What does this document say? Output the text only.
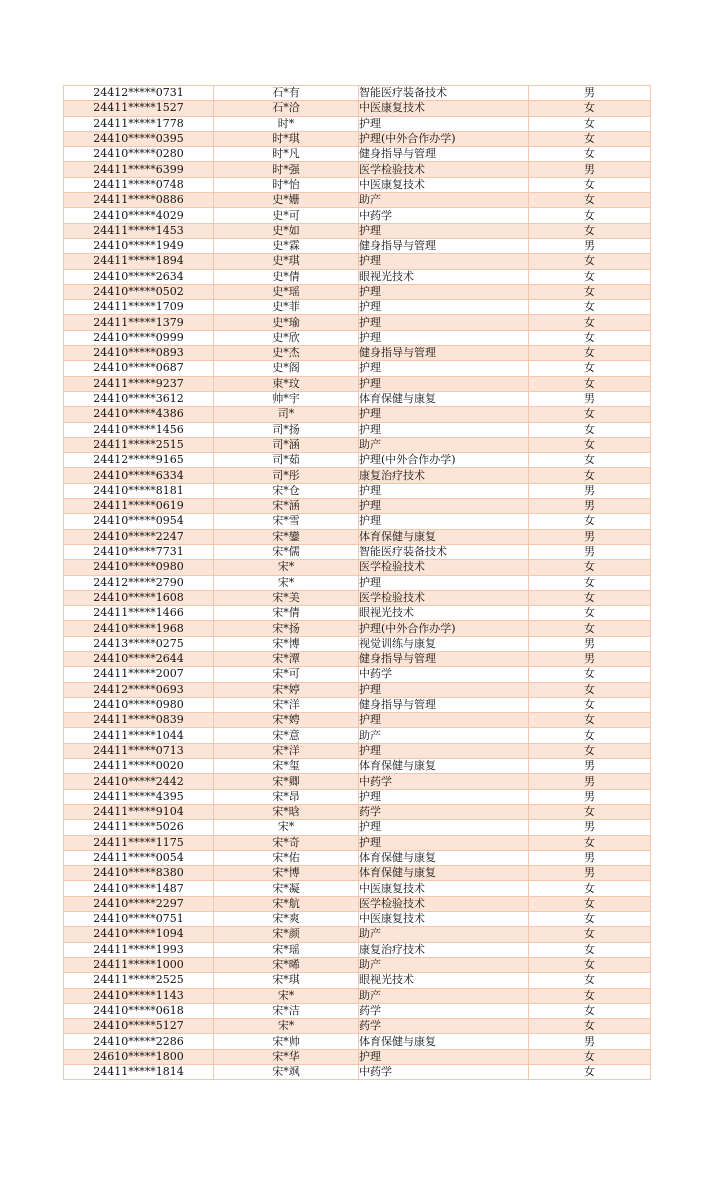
24412*****0731	石*有	智能医疗装备技术	男
24411*****1527	石*洽	中医康复技术	女
24411*****1778	时*	护理	女
24410*****0395	时*琪	护理(中外合作办学)	女
24410*****0280	时*凡	健身指导与管理	女
24411*****6399	时*强	医学检验技术	男
24411*****0748	时*怡	中医康复技术	女
24411*****0886	史*姗	助产	女
24410*****4029	史*可	中药学	女
24411*****1453	史*如	护理	女
24410*****1949	史*霖	健身指导与管理	男
24411*****1894	史*琪	护理	女
24410*****2634	史*倩	眼视光技术	女
24410*****0502	史*瑶	护理	女
24411*****1709	史*菲	护理	女
24411*****1379	史*瑜	护理	女
24410*****0999	史*欣	护理	女
24410*****0893	史*杰	健身指导与管理	女
24410*****0687	史*阁	护理	女
24411*****9237	束*玟	护理	女
24410*****3612	帅*宇	体育保健与康复	男
24410*****4386	司*	护理	女
24410*****1456	司*扬	护理	女
24411*****2515	司*涵	助产	女
24412*****9165	司*茹	护理(中外合作办学)	女
24410*****6334	司*彤	康复治疗技术	女
24410*****8181	宋*仓	护理	男
24411*****0619	宋*涵	护理	男
24410*****0954	宋*雪	护理	女
24410*****2247	宋*鑾	体育保健与康复	男
24410*****7731	宋*儒	智能医疗装备技术	男
24410*****0980	宋*	医学检验技术	女
24412*****2790	宋*	护理	女
24410*****1608	宋*美	医学检验技术	女
24411*****1466	宋*倩	眼视光技术	女
24410*****1968	宋*扬	护理(中外合作办学)	女
24413*****0275	宋*博	视觉训练与康复	男
24410*****2644	宋*潭	健身指导与管理	男
24411*****2007	宋*可	中药学	女
24412*****0693	宋*婷	护理	女
24410*****0980	宋*洋	健身指导与管理	女
24411*****0839	宋*娉	护理	女
24411*****1044	宋*意	助产	女
24411*****0713	宋*洋	护理	女
24411*****0020	宋*玺	体育保健与康复	男
24410*****2442	宋*卿	中药学	男
24411*****4395	宋*昂	护理	男
24411*****9104	宋*晗	药学	女
24411*****5026	宋*	护理	男
24411*****1175	宋*奇	护理	女
24411*****0054	宋*佑	体育保健与康复	男
24410*****8380	宋*博	体育保健与康复	男
24410*****1487	宋*凝	中医康复技术	女
24410*****2297	宋*航	医学检验技术	女
24410*****0751	宋*爽	中医康复技术	女
24410*****1094	宋*颜	助产	女
24411*****1993	宋*瑶	康复治疗技术	女
24411*****1000	宋*晞	助产	女
24411*****2525	宋*琪	眼视光技术	女
24410*****1143	宋*	助产	女
24410*****0618	宋*洁	药学	女
24410*****5127	宋*	药学	女
24410*****2286	宋*帅	体育保健与康复	男
24610*****1800	宋*华	护理	女
24411*****1814	宋*飒	中药学	女
